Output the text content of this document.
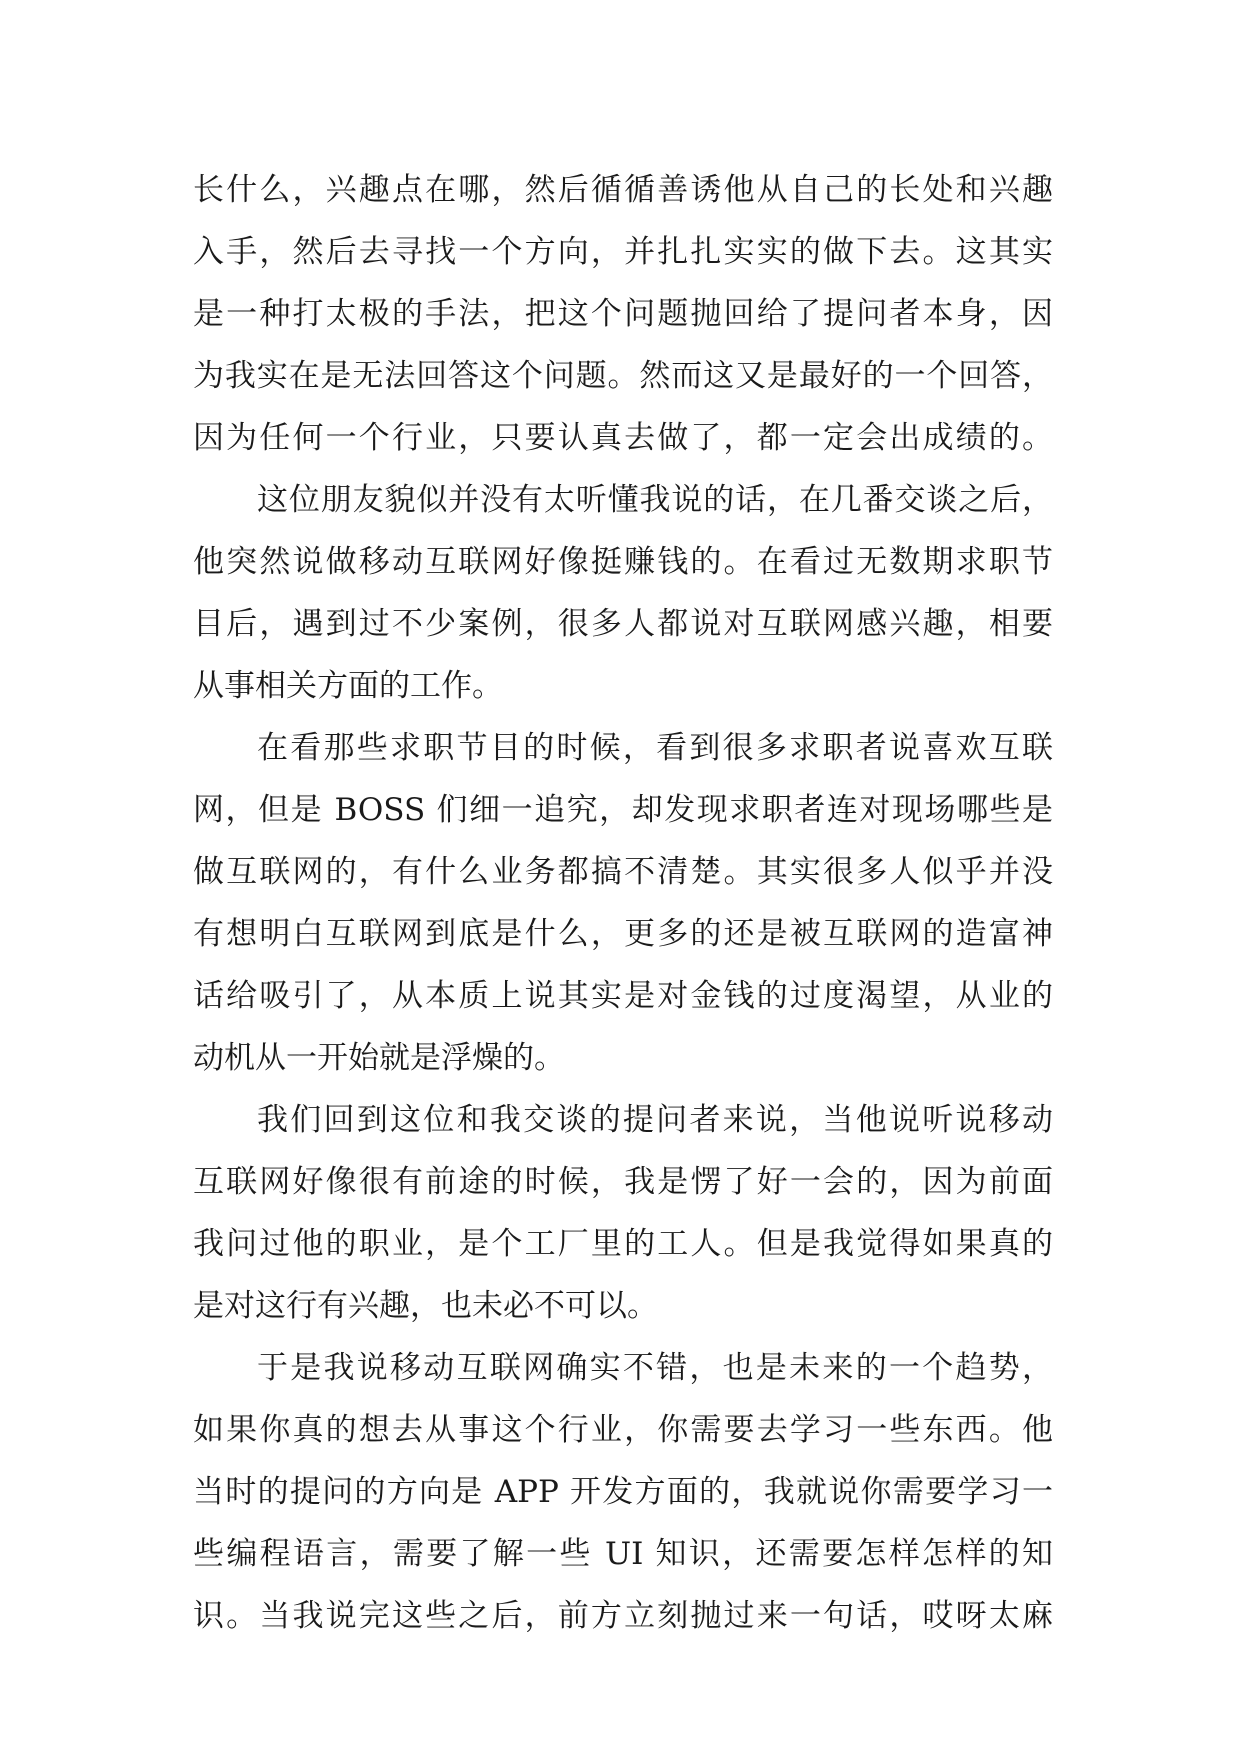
长什么，兴趣点在哪，然后循循善诱他从自己的长处和兴趣
入手，然后去寻找一个方向，并扎扎实实的做下去。这其实
是一种打太极的手法，把这个问题抛回给了提问者本身，因
为我实在是无法回答这个问题。然而这又是最好的一个回答，
因为任何一个行业，只要认真去做了，都一定会出成绩的。
这位朋友貌似并没有太听懂我说的话，在几番交谈之后，
他突然说做移动互联网好像挺赚钱的。在看过无数期求职节
目后，遇到过不少案例，很多人都说对互联网感兴趣，相要
从事相关方面的工作。
在看那些求职节目的时候，看到很多求职者说喜欢互联
网，但是 BOSS 们细一追究，却发现求职者连对现场哪些是
做互联网的，有什么业务都搞不清楚。其实很多人似乎并没
有想明白互联网到底是什么，更多的还是被互联网的造富神
话给吸引了，从本质上说其实是对金钱的过度渴望，从业的
动机从一开始就是浮燥的。
我们回到这位和我交谈的提问者来说，当他说听说移动
互联网好像很有前途的时候，我是愣了好一会的，因为前面
我问过他的职业，是个工厂里的工人。但是我觉得如果真的
是对这行有兴趣，也未必不可以。
于是我说移动互联网确实不错，也是未来的一个趋势，
如果你真的想去从事这个行业，你需要去学习一些东西。他
当时的提问的方向是 APP 开发方面的，我就说你需要学习一
些编程语言，需要了解一些 UI 知识，还需要怎样怎样的知
识。当我说完这些之后，前方立刻抛过来一句话，哎呀太麻
